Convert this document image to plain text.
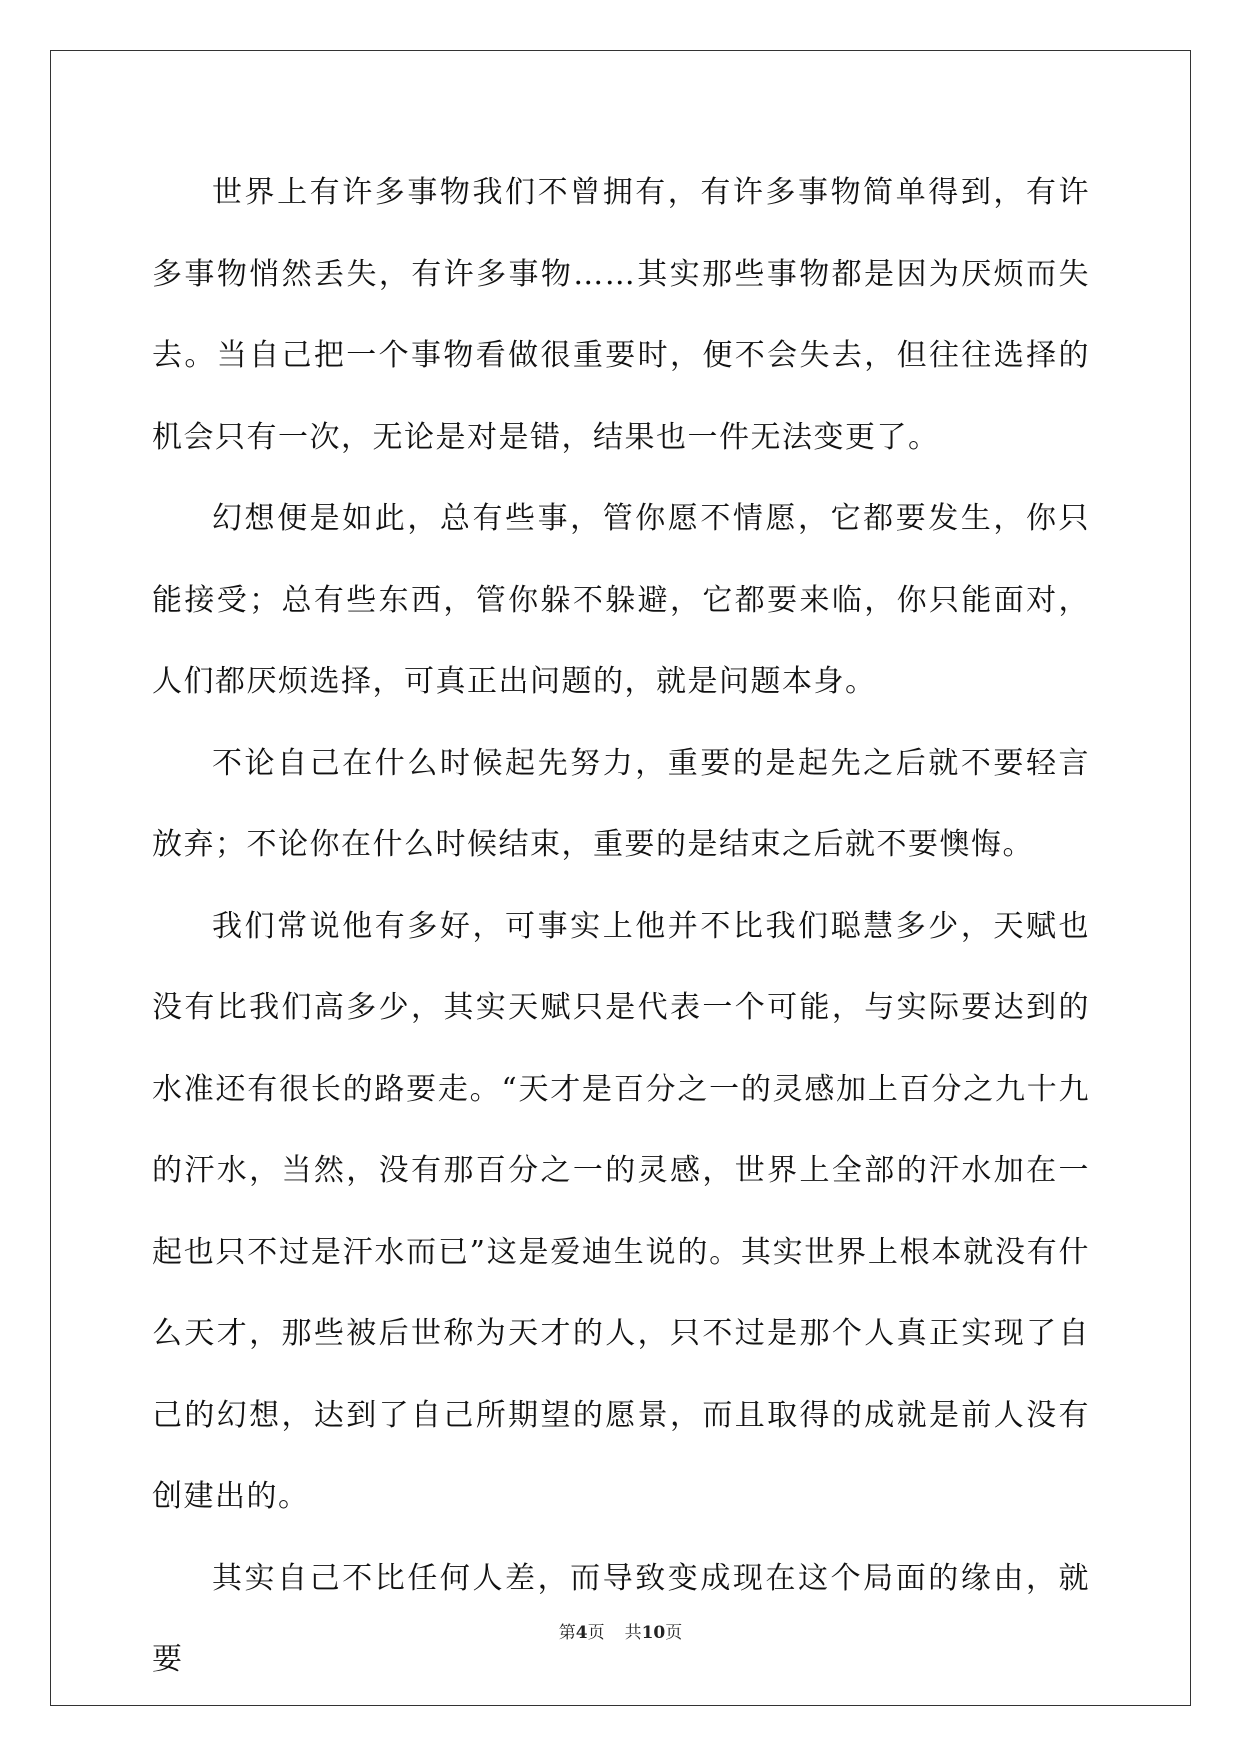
世界上有许多事物我们不曾拥有，有许多事物简单得到，有许多事物悄然丢失，有许多事物……其实那些事物都是因为厌烦而失去。当自己把一个事物看做很重要时，便不会失去，但往往选择的机会只有一次，无论是对是错，结果也一件无法变更了。

幻想便是如此，总有些事，管你愿不情愿，它都要发生，你只能接受；总有些东西，管你躲不躲避，它都要来临，你只能面对，人们都厌烦选择，可真正出问题的，就是问题本身。

不论自己在什么时候起先努力，重要的是起先之后就不要轻言放弃；不论你在什么时候结束，重要的是结束之后就不要懊悔。

我们常说他有多好，可事实上他并不比我们聪慧多少，天赋也没有比我们高多少，其实天赋只是代表一个可能，与实际要达到的水准还有很长的路要走。“天才是百分之一的灵感加上百分之九十九的汗水，当然，没有那百分之一的灵感，世界上全部的汗水加在一起也只不过是汗水而已”这是爱迪生说的。其实世界上根本就没有什么天才，那些被后世称为天才的人，只不过是那个人真正实现了自己的幻想，达到了自己所期望的愿景，而且取得的成就是前人没有创建出的。

其实自己不比任何人差，而导致变成现在这个局面的缘由，就要

第4页 共10页
